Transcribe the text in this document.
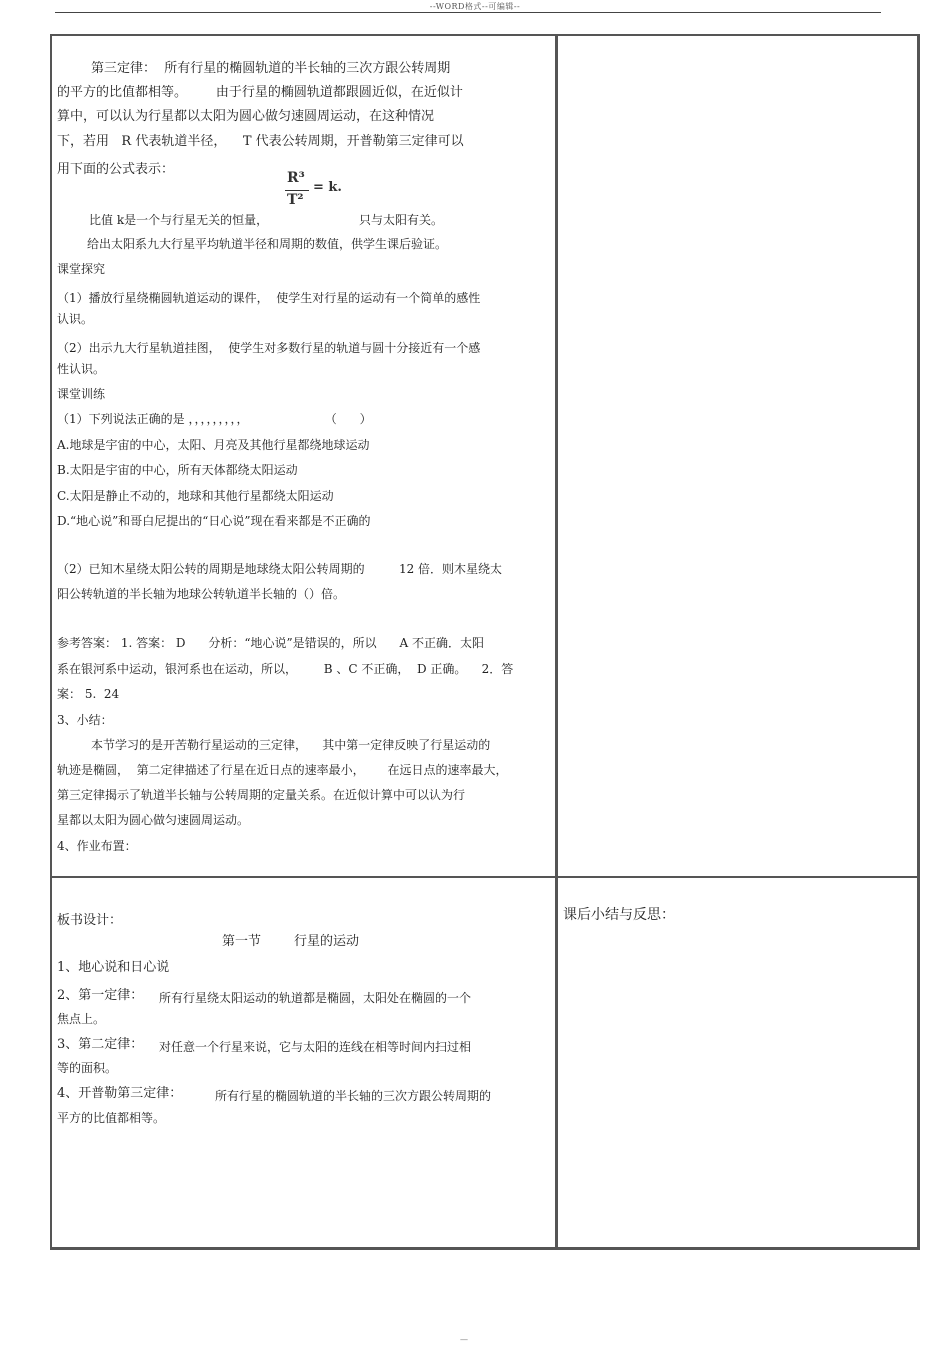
--WORD格式--可编辑--
R³
T²
= k.
第三定律：  所有行星的椭圆轨道的半长轴的三次方跟公转周期
的平方的比值都相等。       由于行星的椭圆轨道都跟圆近似，在近似计
算中，可以认为行星都以太阳为圆心做匀速圆周运动，在这种情况
下，若用   R 代表轨道半径，    T 代表公转周期，开普勒第三定律可以
用下面的公式表示：
比值 k是一个与行星无关的恒量，	只与太阳有关。
给出太阳系九大行星平均轨道半径和周期的数值，供学生课后验证。
课堂探究
（1）播放行星绕椭圆轨道运动的课件，  使学生对行星的运动有一个简单的感性
认识。
（2）出示九大行星轨道挂图，  使学生对多数行星的轨道与圆十分接近有一个感
性认识。
课堂训练
（1）下列说法正确的是 ，，，，，，，，，                    （      ）
A.地球是宇宙的中心，太阳、月亮及其他行星都绕地球运动
B.太阳是宇宙的中心，所有天体都绕太阳运动
C.太阳是静止不动的，地球和其他行星都绕太阳运动
D.“地心说”和哥白尼提出的“日心说”现在看来都是不正确的
（2）已知木星绕太阳公转的周期是地球绕太阳公转周期的         12 倍．则木星绕太
阳公转轨道的半长轴为地球公转轨道半长轴的（）倍。
参考答案： 1. 答案： D      分析：“地心说”是错误的，所以      A 不正确．太阳
系在银河系中运动，银河系也在运动，所以，       B 、C 不正确，  D 正确。    2．答
案： 5.  24
3、小结：
本节学习的是开苦勒行星运动的三定律，    其中第一定律反映了行星运动的
轨迹是椭圆，  第二定律描述了行星在近日点的速率最小，      在远日点的速率最大，
第三定律揭示了轨道半长轴与公转周期的定量关系。在近似计算中可以认为行
星都以太阳为圆心做匀速圆周运动。
4、作业布置：
板书设计：
第一节        行星的运动
1、地心说和日心说
2、第一定律： 所有行星绕太阳运动的轨道都是椭圆，太阳处在椭圆的一个
焦点上。
3、第二定律： 对任意一个行星来说，它与太阳的连线在相等时间内扫过相
等的面积。
4、开普勒第三定律：	所有行星的椭圆轨道的半长轴的三次方跟公转周期的
平方的比值都相等。
课后小结与反思：
—
